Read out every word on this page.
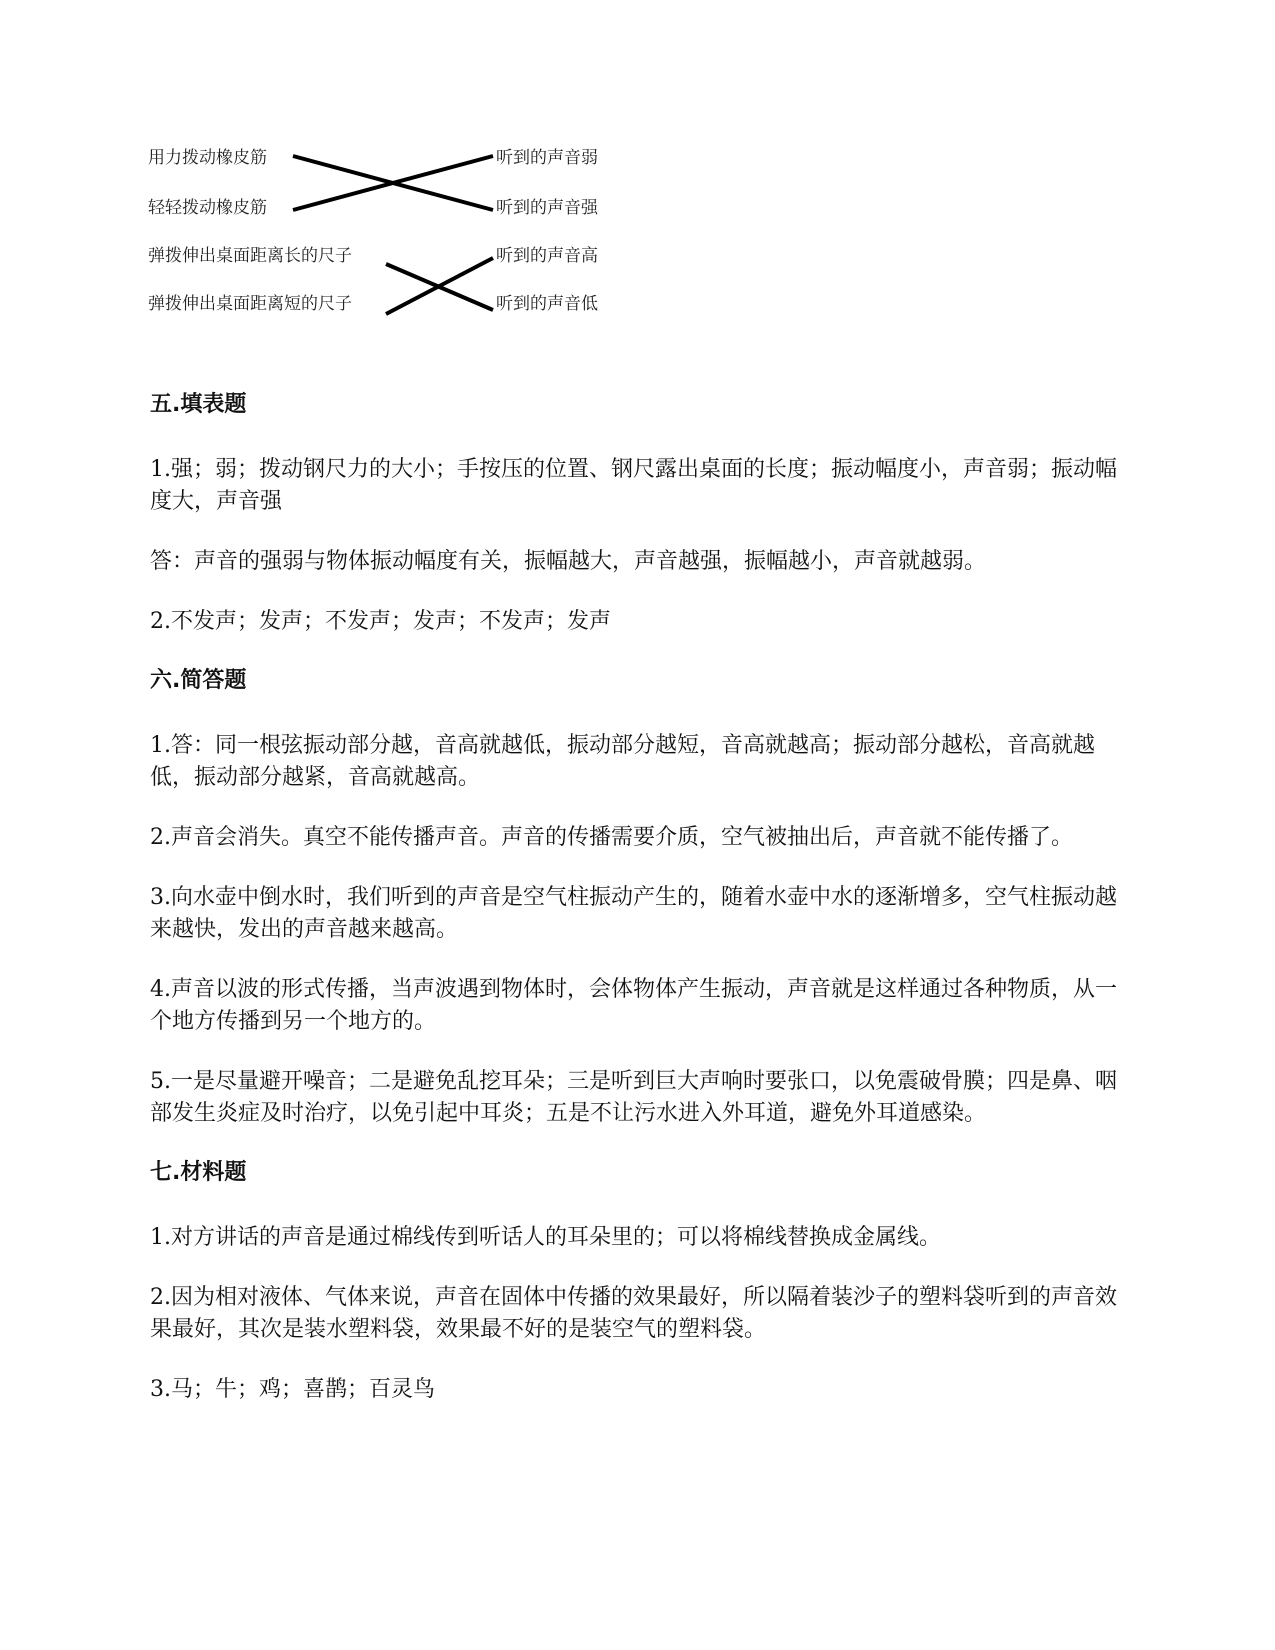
用力拨动橡皮筋
轻轻拨动橡皮筋
弹拨伸出桌面距离长的尺子
弹拨伸出桌面距离短的尺子
听到的声音弱
听到的声音强
听到的声音高
听到的声音低
五.填表题

1.强；弱；拨动钢尺力的大小；手按压的位置、钢尺露出桌面的长度；振动幅度小，声音弱；振动幅度大，声音强

答：声音的强弱与物体振动幅度有关，振幅越大，声音越强，振幅越小，声音就越弱。

2.不发声；发声；不发声；发声；不发声；发声

六.简答题

1.答：同一根弦振动部分越，音高就越低，振动部分越短，音高就越高；振动部分越松，音高就越低，振动部分越紧，音高就越高。

2.声音会消失。真空不能传播声音。声音的传播需要介质，空气被抽出后，声音就不能传播了。

3.向水壶中倒水时，我们听到的声音是空气柱振动产生的，随着水壶中水的逐渐增多，空气柱振动越来越快，发出的声音越来越高。

4.声音以波的形式传播，当声波遇到物体时，会体物体产生振动，声音就是这样通过各种物质，从一个地方传播到另一个地方的。

5.一是尽量避开噪音；二是避免乱挖耳朵；三是听到巨大声响时要张口，以免震破骨膜；四是鼻、咽部发生炎症及时治疗，以免引起中耳炎；五是不让污水进入外耳道，避免外耳道感染。

七.材料题

1.对方讲话的声音是通过棉线传到听话人的耳朵里的；可以将棉线替换成金属线。

2.因为相对液体、气体来说，声音在固体中传播的效果最好，所以隔着装沙子的塑料袋听到的声音效果最好，其次是装水塑料袋，效果最不好的是装空气的塑料袋。

3.马；牛；鸡；喜鹊；百灵鸟
